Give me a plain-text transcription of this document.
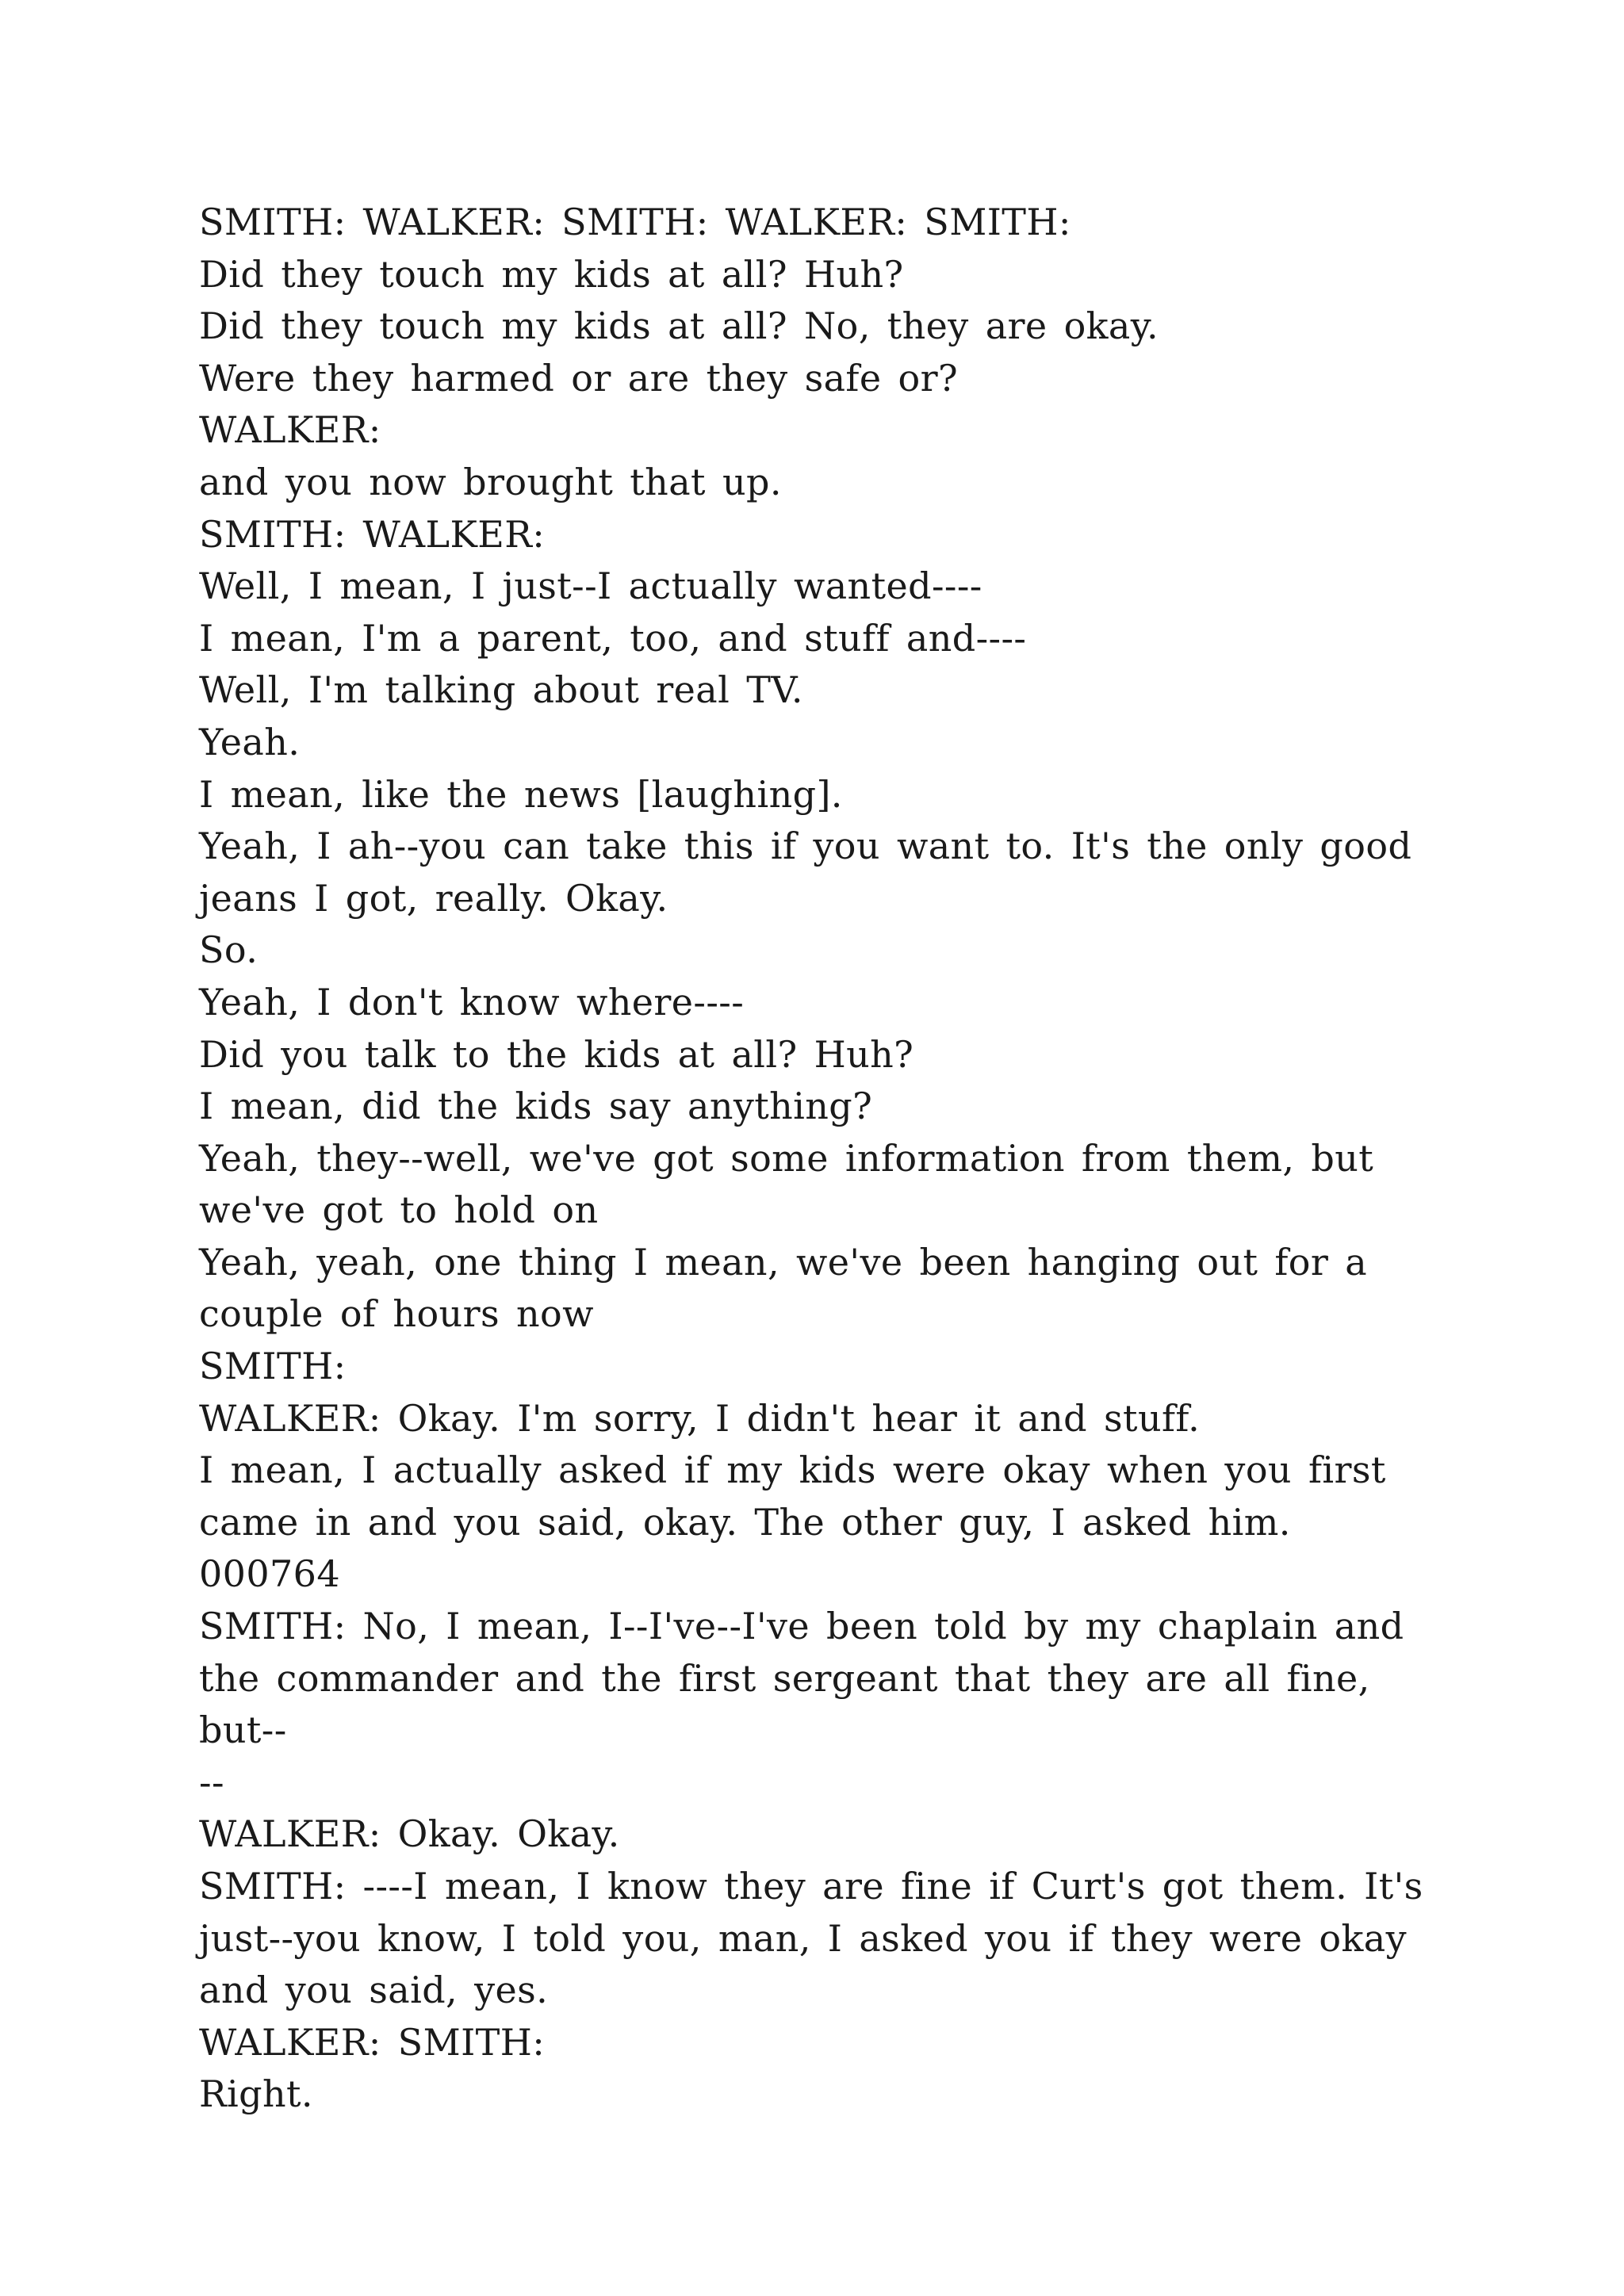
SMITH: WALKER: SMITH: WALKER: SMITH:
Did they touch my kids at all? Huh?
Did they touch my kids at all? No, they are okay.
Were they harmed or are they safe or?
WALKER:
and you now brought that up.
SMITH: WALKER:
Well, I mean, I just--I actually wanted----
I mean, I'm a parent, too, and stuff and----
Well, I'm talking about real TV.
Yeah.
I mean, like the news [laughing].
Yeah, I ah--you can take this if you want to. It's the only good
jeans I got, really. Okay.
So.
Yeah, I don't know where----
Did you talk to the kids at all? Huh?
I mean, did the kids say anything?
Yeah, they--well, we've got some information from them, but
we've got to hold on
Yeah, yeah, one thing I mean, we've been hanging out for a
couple of hours now
SMITH:
WALKER: Okay. I'm sorry, I didn't hear it and stuff.
I mean, I actually asked if my kids were okay when you first
came in and you said, okay. The other guy, I asked him.
000764
SMITH: No, I mean, I--I've--I've been told by my chaplain and
the commander and the first sergeant that they are all fine, but--
--
WALKER: Okay. Okay.
SMITH: ----I mean, I know they are fine if Curt's got them. It's
just--you know, I told you, man, I asked you if they were okay
and you said, yes.
WALKER: SMITH:
Right.
